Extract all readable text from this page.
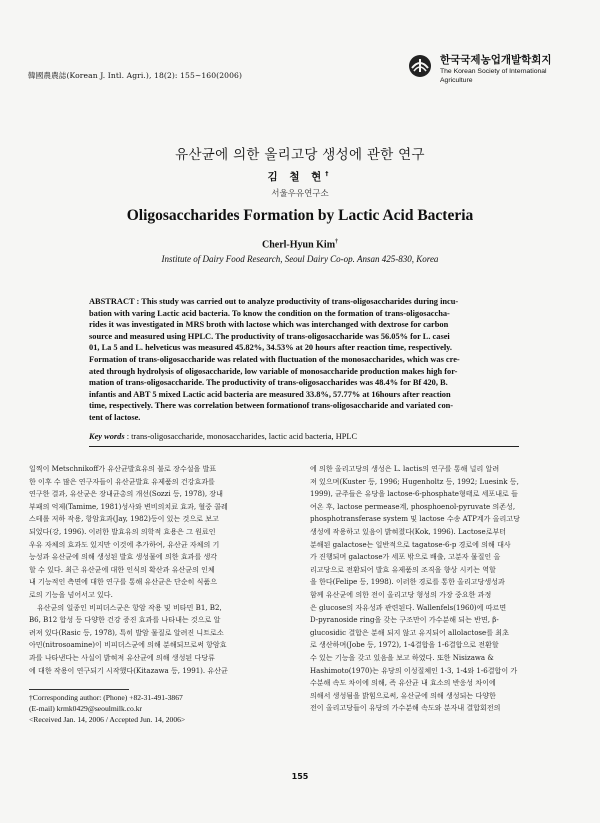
韓國農農誌(Korean J. Intl. Agri.), 18(2): 155~160(2006)
한국국제농업개발학회지
The Korean Society of International
Agriculture
유산균에 의한 올리고당 생성에 관한 연구
김 철 현†
서울우유연구소
Oligosaccharides Formation by Lactic Acid Bacteria
Cherl-Hyun Kim†
Institute of Dairy Food Research, Seoul Dairy Co-op. Ansan 425-830, Korea
ABSTRACT : This study was carried out to analyze productivity of trans-oligosaccharides during incu-
bation with varing Lactic acid bacteria. To know the condition on the formation of trans-oligosaccha-
rides it was investigated in MRS broth with lactose which was interchanged with dextrose for carbon
source and measured using HPLC. The productivity of trans-oligosaccharide was 56.05% for L. casei
01, La 5 and L. helveticus was measured 45.82%, 34.53% at 20 hours after reaction time, respectively.
Formation of trans-oligosaccharide was related with fluctuation of the monosaccharides, which was cre-
ated through hydrolysis of oligosaccharide, low variable of monosaccharide production makes high for-
mation of trans-oligosaccharide. The productivity of trans-oligosaccharides was 48.4% for Bf 420, B.
infantis and ABT 5 mixed Lactic acid bacteria are measured 33.8%, 57.77% at 16hours after reaction
time, respectively. There was correlation between formationof trans-oligosaccharide and variated con-
tent of lactose.
Key words : trans-oligosaccharide, monosaccharides, lactic acid bacteria, HPLC
일찍이 Metschnikoff가 유산균발효유의 불로 장수설을 발표
한 이후 수 많은 연구자들이 유산균발효 유제품의 건강효과를
연구한 결과, 유산균은 장내균총의 개선(Sozzi 등, 1978), 장내
부패의 억제(Tamime, 1981)성사와 변비의치료 효과, 혈중 콜레
스테롤 저하 작용, 항암효과(Jay, 1982)등이 있는 것으로 보고
되었다(강, 1996). 이러한 발효유의 의학적 효용은 그 원료인
우유 자체의 효과도 있지만 이것에 추가하여, 유산균 자체의 기
능성과 유산균에 의해 생성된 발효 생성물에 의한 효과를 생각
할 수 있다. 최근 유산균에 대한 인식의 확산과 유산균의 인체
내 기능적인 측면에 대한 연구를 통해 유산균은 단순히 식품으
로의 기능을 넘어서고 있다.
유산균의 일종인 비피더스균은 항암 작용 및 비타민 B1, B2,
B6, B12 합성 등 다양한 건강 증진 효과를 나타내는 것으로 알
려져 있다(Rasic 등, 1978), 특히 발암 물질로 알려진 니트로소
아민(nitrosoamine)이 비피더스균에 의해 분해되므로써 항암효
과를 나타낸다는 사실이 밝혀져 유산균에 의해 생성된 다당류
에 대한 작용이 연구되기 시작했다(Kitazawa 등, 1991). 유산균
에 의한 올리고당의 생성은 L. lactis의 연구를 통해 널리 알려
져 있으며(Kuster 등, 1996; Hugenholtz 등, 1992; Luesink 등,
1999), 균주들은 유당을 lactose-6-phosphate형태로 세포내로 들
여온 후, lactose permease계, phosphoenol-pyruvate 의존성,
phosphotransferase system 및 lactose 수송 ATP계가 올리고당
생성에 작용하고 있음이 밝혀졌다(Kok, 1996). Lactose로부터
분해된 galactose는 일반적으로 tagatose-6-p 경로에 의해 대사
가 진행되며 galactose가 세포 밖으로 배출, 고분자 물질인 올
리고당으로 전환되어 발효 유제품의 조직을 향상 시키는 역할
을 한다(Felipe 등, 1998). 이러한 경로를 통한 올리고당생성과
함께 유산균에 의한 전이 올리고당 형성의 가장 중요한 과정
은 glucose의 자유성과 관련된다. Wallenfels(1960)에 따르면
D-pyranoside ring을 갖는 구조만이 가수분해 되는 반면, β-
glucosidic 결합은 분해 되지 않고 유지되어 allolactose를 최초
로 생산하며(Jobe 등, 1972), 1-4결합을 1-6결합으로 전환할
수 있는 기능을 갖고 있음을 보고 하였다. 또한 Nisizawa &
Hashimoto(1970)는 유당의 이성질체인 1-3, 1-4와 1-6결합이 가
수분해 속도 차이에 의해, 즉 유산균 내 효소의 반응성 차이에
의해서 생성됨을 밝힘으로써, 유산균에 의해 생성되는 다양한
전이 올리고당들이 유당의 가수분해 속도와 분자내 결합회전의
†Corresponding author: (Phone) +82-31-491-3867
(E-mail) krmk0429@seoulmilk.co.kr
<Received Jan. 14, 2006 / Accepted Jun. 14, 2006>
155
